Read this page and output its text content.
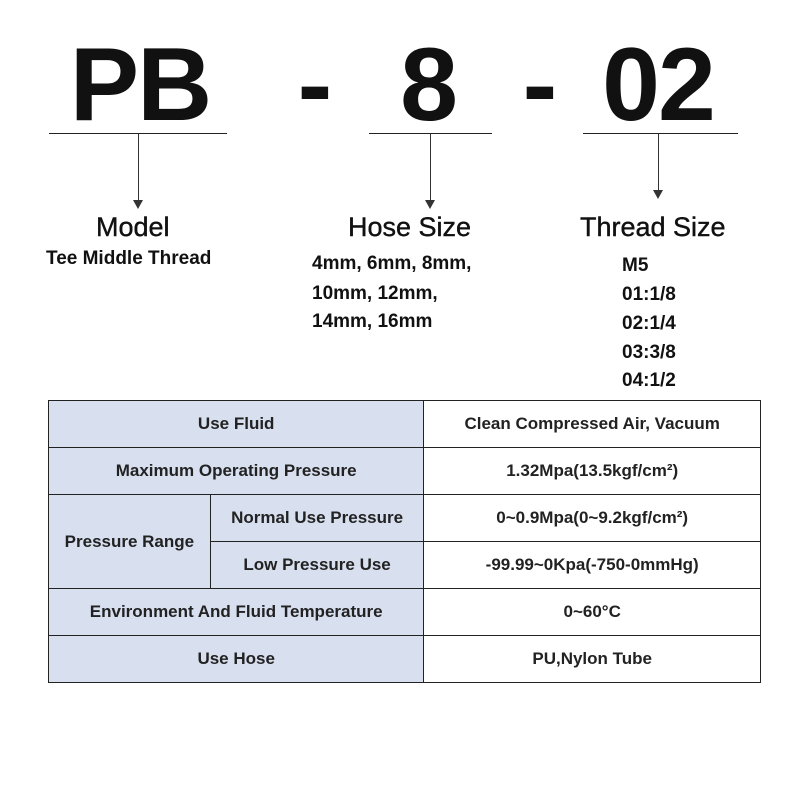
PB - 8 - 02
Model
Tee Middle Thread
Hose Size
4mm, 6mm, 8mm,
10mm, 12mm,
14mm, 16mm
Thread Size
M5
01:1/8
02:1/4
03:3/8
04:1/2
Use Fluid		Clean Compressed Air, Vacuum
Maximum Operating Pressure		1.32Mpa(13.5kgf/cm²)
Pressure Range	Normal Use Pressure	0~0.9Mpa(0~9.2kgf/cm²)
	Low Pressure Use	-99.99~0Kpa(-750-0mmHg)
Environment And Fluid Temperature		0~60°C
Use Hose		PU,Nylon Tube
